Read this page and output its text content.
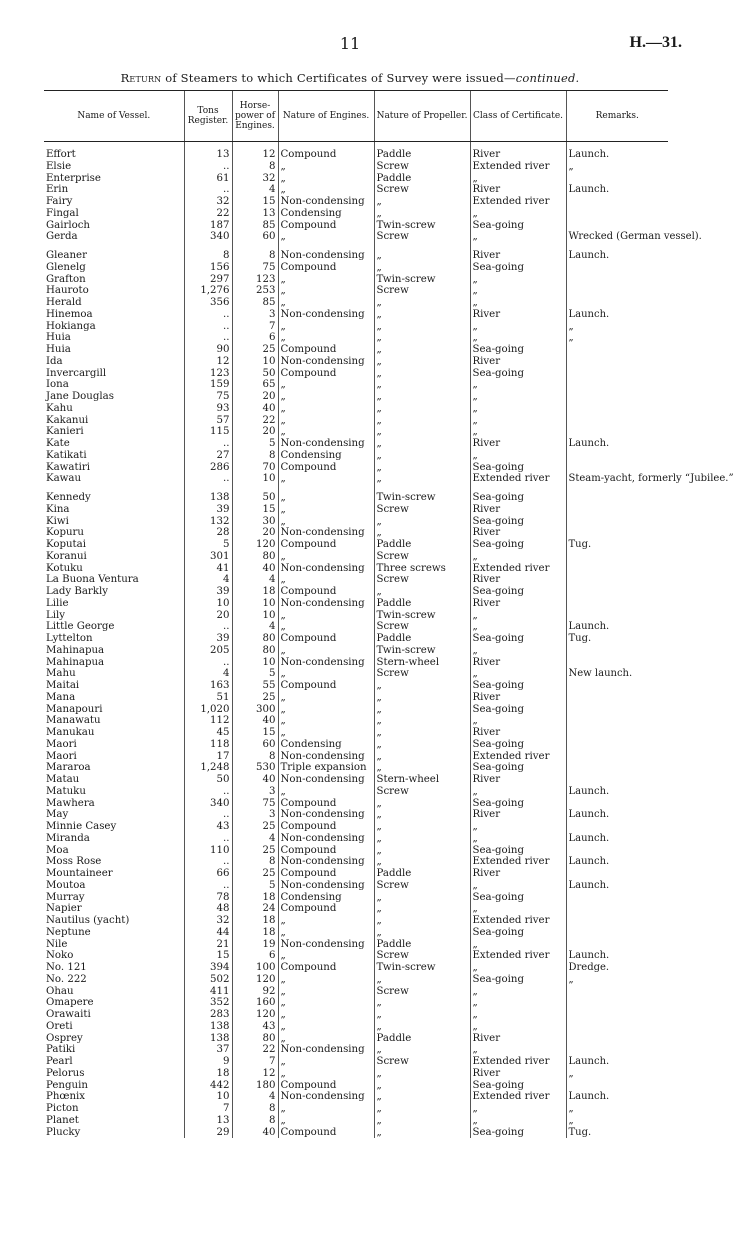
11	H.—31.
Return of Steamers to which Certificates of Survey were issued—continued.
Name of Vessel.	Tons Register.	Horse-power of Engines.	Nature of Engines.	Nature of Propeller.	Class of Certificate.	Remarks.

Effort	13	12	Compound	Paddle	River	Launch.
Elsie	..	8	„	Screw	Extended river	„
Enterprise	61	32	„	Paddle	„	
Erin	..	4	„	Screw	River	Launch.
Fairy	32	15	Non-condensing	„	Extended river	
Fingal	22	13	Condensing	„	„	
Gairloch	187	85	Compound	Twin-screw	Sea-going	
Gerda	340	60	„	Screw	„	Wrecked (German vessel).

Gleaner	8	8	Non-condensing	„	River	Launch.
Glenelg	156	75	Compound	„	Sea-going	
Grafton	297	123	„	Twin-screw	„	
Hauroto	1,276	253	„	Screw	„	
Herald	356	85	„	„	„	
Hinemoa	..	3	Non-condensing	„	River	Launch.
Hokianga	..	7	„	„	„	„
Huia	..	6	„	„	„	„
Huia	90	25	Compound	„	Sea-going	
Ida	12	10	Non-condensing	„	River	
Invercargill	123	50	Compound	„	Sea-going	
Iona	159	65	„	„	„	
Jane Douglas	75	20	„	„	„	
Kahu	93	40	„	„	„	
Kakanui	57	22	„	„	„	
Kanieri	115	20	„	„	„	
Kate	..	5	Non-condensing	„	River	Launch.
Katikati	27	8	Condensing	„	„	
Kawatiri	286	70	Compound	„	Sea-going	
Kawau	..	10	„	„	Extended river	Steam-yacht, formerly “Jubilee.”

Kennedy	138	50	„	Twin-screw	Sea-going	
Kina	39	15	„	Screw	River	
Kiwi	132	30	„	„	Sea-going	
Kopuru	28	20	Non-condensing	„	River	
Koputai	5	120	Compound	Paddle	Sea-going	Tug.
Koranui	301	80	„	Screw	„	
Kotuku	41	40	Non-condensing	Three screws	Extended river	
La Buona Ventura	4	4	„	Screw	River	
Lady Barkly	39	18	Compound	„	Sea-going	
Lilie	10	10	Non-condensing	Paddle	River	
Lily	20	10	„	Twin-screw	„	
Little George	..	4	„	Screw	„	Launch.
Lyttelton	39	80	Compound	Paddle	Sea-going	Tug.
Mahinapua	205	80	„	Twin-screw	„	
Mahinapua	..	10	Non-condensing	Stern-wheel	River	
Mahu	4	5	„	Screw	„	New launch.
Maitai	163	55	Compound	„	Sea-going	
Mana	51	25	„	„	River	
Manapouri	1,020	300	„	„	Sea-going	
Manawatu	112	40	„	„	„	
Manukau	45	15	„	„	River	
Maori	118	60	Condensing	„	Sea-going	
Maori	17	8	Non-condensing	„	Extended river	
Mararoa	1,248	530	Triple expansion	„	Sea-going	
Matau	50	40	Non-condensing	Stern-wheel	River	
Matuku	..	3	„	Screw	„	Launch.
Mawhera	340	75	Compound	„	Sea-going	
May	..	3	Non-condensing	„	River	Launch.
Minnie Casey	43	25	Compound	„	„	
Miranda	..	4	Non-condensing	„	„	Launch.
Moa	110	25	Compound	„	Sea-going	
Moss Rose	..	8	Non-condensing	„	Extended river	Launch.
Mountaineer	66	25	Compound	Paddle	River	
Moutoa	..	5	Non-condensing	Screw	„	Launch.
Murray	78	18	Condensing	„	Sea-going	
Napier	48	24	Compound	„	„	
Nautilus (yacht)	32	18	„	„	Extended river	
Neptune	44	18	„	„	Sea-going	
Nile	21	19	Non-condensing	Paddle	„	
Noko	15	6	„	Screw	Extended river	Launch.
No. 121	394	100	Compound	Twin-screw	„	Dredge.
No. 222	502	120	„	„	Sea-going	„
Ohau	411	92	„	Screw	„	
Omapere	352	160	„	„	„	
Orawaiti	283	120	„	„	„	
Oreti	138	43	„	„	„	
Osprey	138	80	„	Paddle	River	
Patiki	37	22	Non-condensing	„	„	
Pearl	9	7	„	Screw	Extended river	Launch.
Pelorus	18	12	„	„	River	„
Penguin	442	180	Compound	„	Sea-going	
Phœnix	10	4	Non-condensing	„	Extended river	Launch.
Picton	7	8	„	„	„	„
Planet	13	8	„	„	„	„
Plucky	29	40	Compound	„	Sea-going	Tug.
